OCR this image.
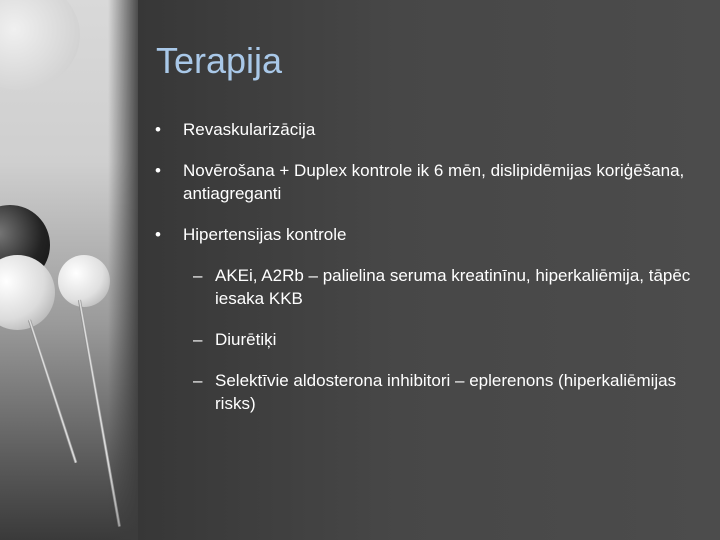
Terapija
• Revaskularizācija
• Novērošana + Duplex kontrole ik 6 mēn, dislipidēmijas koriģēšana, antiagreganti
• Hipertensijas kontrole
– AKEi, A2Rb – palielina seruma kreatinīnu, hiperkaliēmija, tāpēc iesaka KKB
– Diurētiķi
– Selektīvie aldosterona inhibitori – eplerenons (hiperkaliēmijas risks)
